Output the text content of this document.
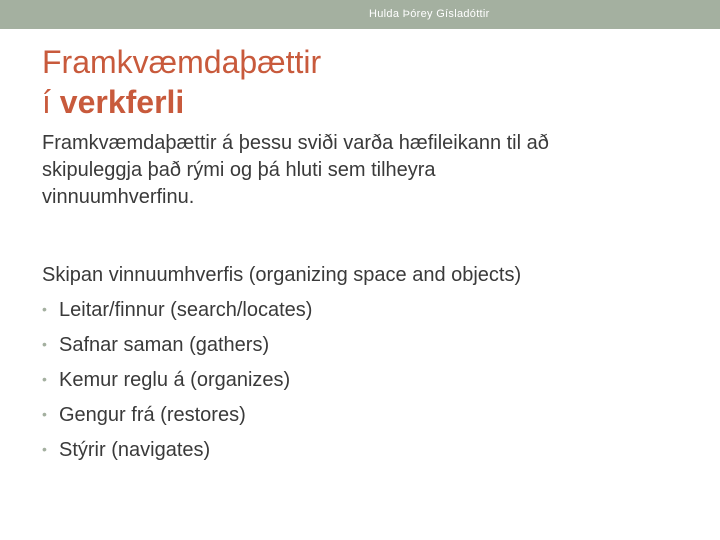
Hulda Þórey Gísladóttir
Framkvæmdaþættir
í verkferli
Framkvæmdaþættir á þessu sviði varða hæfileikann til að
skipuleggja það rými og þá hluti sem tilheyra
vinnuumhverfinu.
Skipan vinnuumhverfis (organizing space and objects)
• Leitar/finnur (search/locates)
• Safnar saman (gathers)
• Kemur reglu á (organizes)
• Gengur frá (restores)
• Stýrir (navigates)
